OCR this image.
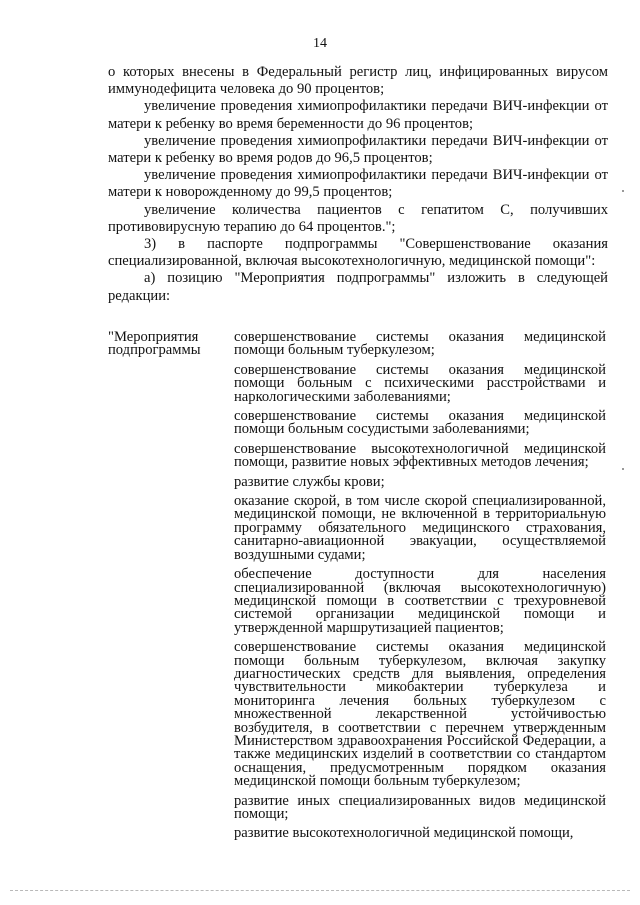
14

о которых внесены в Федеральный регистр лиц, инфицированных вирусом иммунодефицита человека до 90 процентов;

увеличение проведения химиопрофилактики передачи ВИЧ-инфекции от матери к ребенку во время беременности до 96 процентов;

увеличение проведения химиопрофилактики передачи ВИЧ-инфекции от матери к ребенку во время родов до 96,5 процентов;

увеличение проведения химиопрофилактики передачи ВИЧ-инфекции от матери к новорожденному до 99,5 процентов;

увеличение количества пациентов с гепатитом С, получивших противовирусную терапию до 64 процентов.";

3) в паспорте подпрограммы "Совершенствование оказания специализированной, включая высокотехнологичную, медицинской помощи":

а) позицию "Мероприятия подпрограммы" изложить в следующей редакции:

"Мероприятия подпрограммы

совершенствование системы оказания медицинской помощи больным туберкулезом;

совершенствование системы оказания медицинской помощи больным с психическими расстройствами и наркологическими заболеваниями;

совершенствование системы оказания медицинской помощи больным сосудистыми заболеваниями;

совершенствование высокотехнологичной медицинской помощи, развитие новых эффективных методов лечения;

развитие службы крови;

оказание скорой, в том числе скорой специализированной, медицинской помощи, не включенной в территориальную программу обязательного медицинского страхования, санитарно-авиационной эвакуации, осуществляемой воздушными судами;

обеспечение доступности для населения специализированной (включая высокотехнологичную) медицинской помощи в соответствии с трехуровневой системой организации медицинской помощи и утвержденной маршрутизацией пациентов;

совершенствование системы оказания медицинской помощи больным туберкулезом, включая закупку диагностических средств для выявления, определения чувствительности микобактерии туберкулеза и мониторинга лечения больных туберкулезом с множественной лекарственной устойчивостью возбудителя, в соответствии с перечнем утвержденным Министерством здравоохранения Российской Федерации, а также медицинских изделий в соответствии со стандартом оснащения, предусмотренным порядком оказания медицинской помощи больным туберкулезом;

развитие иных специализированных видов медицинской помощи;

развитие высокотехнологичной медицинской помощи,
